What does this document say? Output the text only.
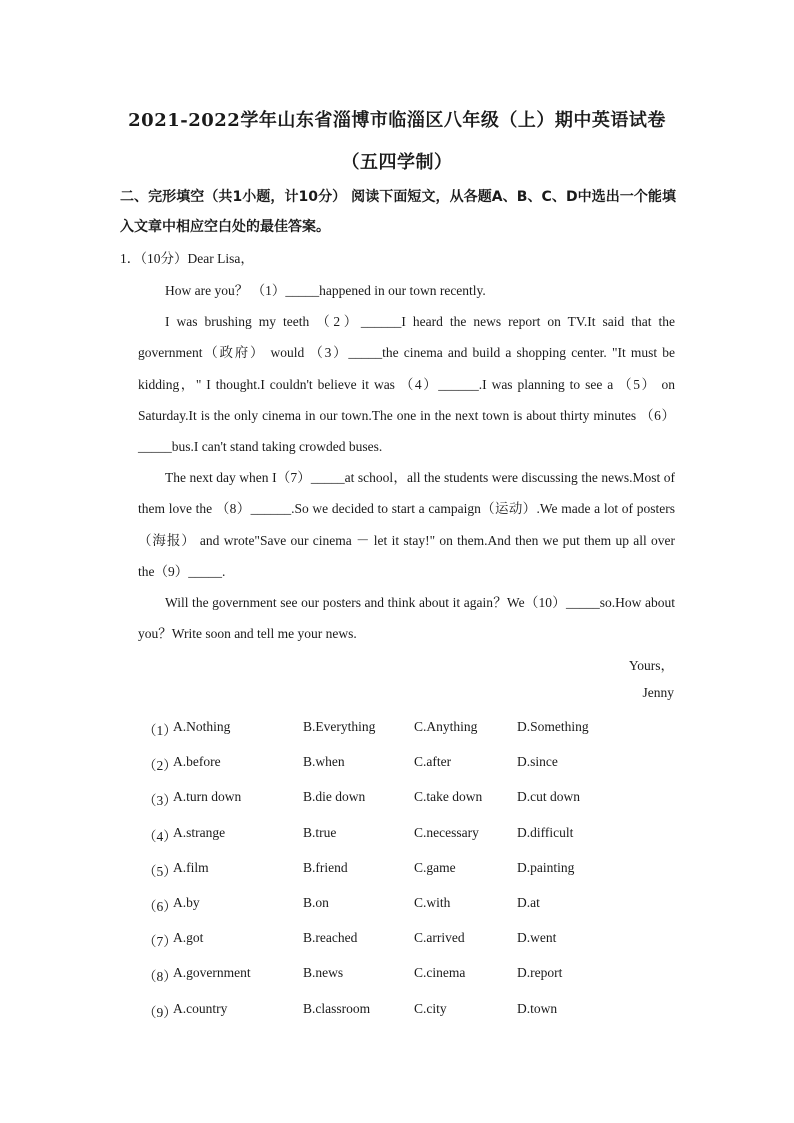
2021-2022学年山东省淄博市临淄区八年级（上）期中英语试卷
（五四学制）
二、完形填空（共1小题，计10分） 阅读下面短文，从各题A、B、C、D中选出一个能填入文章中相应空白处的最佳答案。
1．（10分）Dear Lisa，

How are you？ （1）_____happened in our town recently.

I was brushing my teeth （2）______I heard the news report on TV.It said that the government（政府） would （3）_____the cinema and build a shopping center. "It must be kidding，" I thought.I couldn't believe it was （4）______.I was planning to see a （5） on Saturday.It is the only cinema in our town.The one in the next town is about thirty minutes （6）_____bus.I can't stand taking crowded buses.

The next day when I（7）_____at school，all the students were discussing the news.Most of them love the （8）______.So we decided to start a campaign（运动）.We made a lot of posters（海报） and wrote"Save our cinema － let it stay!" on them.And then we put them up all over the（9）_____.

Will the government see our posters and think about it again？We（10）_____so.How about you？Write soon and tell me your news.

Yours，
Jenny
（1）
A.Nothing	B.Everything	C.Anything	D.Something
（2）
A.before	B.when	C.after	D.since
（3）
A.turn down	B.die down	C.take down	D.cut down
（4）
A.strange	B.true	C.necessary	D.difficult
（5）
A.film	B.friend	C.game	D.painting
（6）
A.by	B.on	C.with	D.at
（7）
A.got	B.reached	C.arrived	D.went
（8）
A.government	B.news	C.cinema	D.report
（9）
A.country	B.classroom	C.city	D.town
